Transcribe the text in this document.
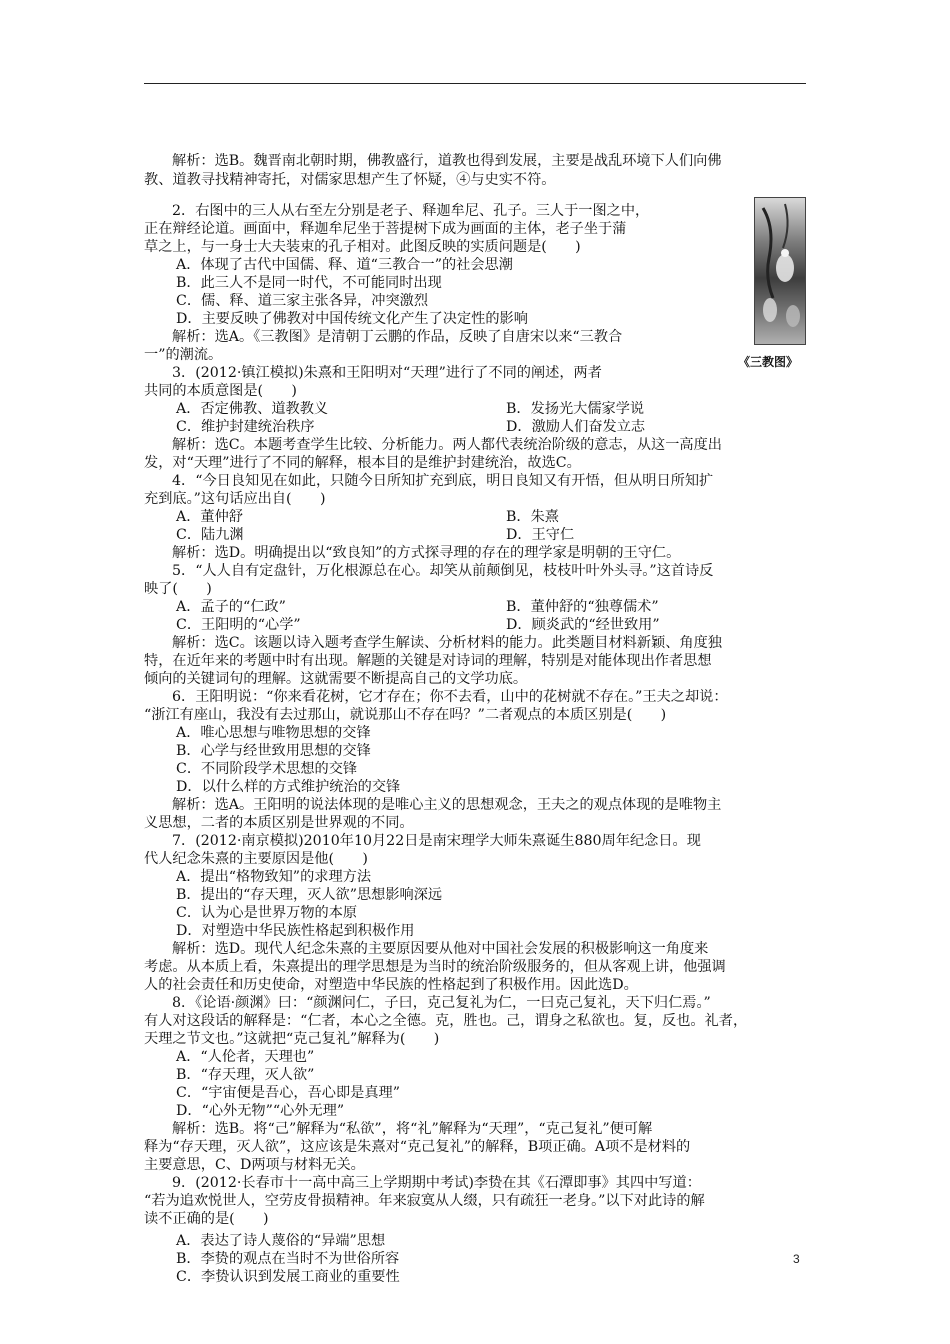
《三教图》
解析：选B。魏晋南北朝时期，佛教盛行，道教也得到发展，主要是战乱环境下人们向佛
教、道教寻找精神寄托，对儒家思想产生了怀疑，④与史实不符。
2．右图中的三人从右至左分别是老子、释迦牟尼、孔子。三人于一图之中，
正在辩经论道。画面中，释迦牟尼坐于菩提树下成为画面的主体，老子坐于蒲
草之上，与一身士大夫装束的孔子相对。此图反映的实质问题是(　　)
A．体现了古代中国儒、释、道“三教合一”的社会思潮
B．此三人不是同一时代，不可能同时出现
C．儒、释、道三家主张各异，冲突激烈
D．主要反映了佛教对中国传统文化产生了决定性的影响
解析：选A。《三教图》是清朝丁云鹏的作品，反映了自唐宋以来“三教合
一”的潮流。
3．(2012·镇江模拟)朱熹和王阳明对“天理”进行了不同的阐述，两者
共同的本质意图是(　　)
A．否定佛教、道教教义	B．发扬光大儒家学说
C．维护封建统治秩序	D．激励人们奋发立志
解析：选C。本题考查学生比较、分析能力。两人都代表统治阶级的意志，从这一高度出
发，对“天理”进行了不同的解释，根本目的是维护封建统治，故选C。
4．“今日良知见在如此，只随今日所知扩充到底，明日良知又有开悟，但从明日所知扩
充到底。”这句话应出自(　　)
A．董仲舒	B．朱熹
C．陆九渊	D．王守仁
解析：选D。明确提出以“致良知”的方式探寻理的存在的理学家是明朝的王守仁。
5．“人人自有定盘针，万化根源总在心。却笑从前颠倒见，枝枝叶叶外头寻。”这首诗反
映了(　　)
A．孟子的“仁政”	B．董仲舒的“独尊儒术”
C．王阳明的“心学”	D．顾炎武的“经世致用”
解析：选C。该题以诗入题考查学生解读、分析材料的能力。此类题目材料新颖、角度独
特，在近年来的考题中时有出现。解题的关键是对诗词的理解，特别是对能体现出作者思想
倾向的关键词句的理解。这就需要不断提高自己的文学功底。
6．王阳明说：“你来看花树，它才存在；你不去看，山中的花树就不存在。”王夫之却说：
“浙江有座山，我没有去过那山，就说那山不存在吗？”二者观点的本质区别是(　　)
A．唯心思想与唯物思想的交锋
B．心学与经世致用思想的交锋
C．不同阶段学术思想的交锋
D．以什么样的方式维护统治的交锋
解析：选A。王阳明的说法体现的是唯心主义的思想观念，王夫之的观点体现的是唯物主
义思想，二者的本质区别是世界观的不同。
7．(2012·南京模拟)2010年10月22日是南宋理学大师朱熹诞生880周年纪念日。现
代人纪念朱熹的主要原因是他(　　)
A．提出“格物致知”的求理方法
B．提出的“存天理，灭人欲”思想影响深远
C．认为心是世界万物的本原
D．对塑造中华民族性格起到积极作用
解析：选D。现代人纪念朱熹的主要原因要从他对中国社会发展的积极影响这一角度来
考虑。从本质上看，朱熹提出的理学思想是为当时的统治阶级服务的，但从客观上讲，他强调
人的社会责任和历史使命，对塑造中华民族的性格起到了积极作用。因此选D。
8．《论语·颜渊》曰：“颜渊问仁，子曰，克己复礼为仁，一曰克己复礼，天下归仁焉。”
有人对这段话的解释是：“仁者，本心之全德。克，胜也。己，谓身之私欲也。复，反也。礼者，
天理之节文也。”这就把“克己复礼”解释为(　　)
A．“人伦者，天理也”
B．“存天理，灭人欲”
C．“宇宙便是吾心，吾心即是真理”
D．“心外无物”“心外无理”
解析：选B。将“己”解释为“私欲”，将“礼”解释为“天理”，“克己复礼”便可解
释为“存天理，灭人欲”，这应该是朱熹对“克己复礼”的解释，B项正确。A项不是材料的
主要意思，C、D两项与材料无关。
9．(2012·长春市十一高中高三上学期期中考试)李贽在其《石潭即事》其四中写道：
“若为追欢悦世人，空劳皮骨损精神。年来寂寞从人缀，只有疏狂一老身。”以下对此诗的解
读不正确的是(　　)
A．表达了诗人蔑俗的“异端”思想
B．李贽的观点在当时不为世俗所容
C．李贽认识到发展工商业的重要性
3
